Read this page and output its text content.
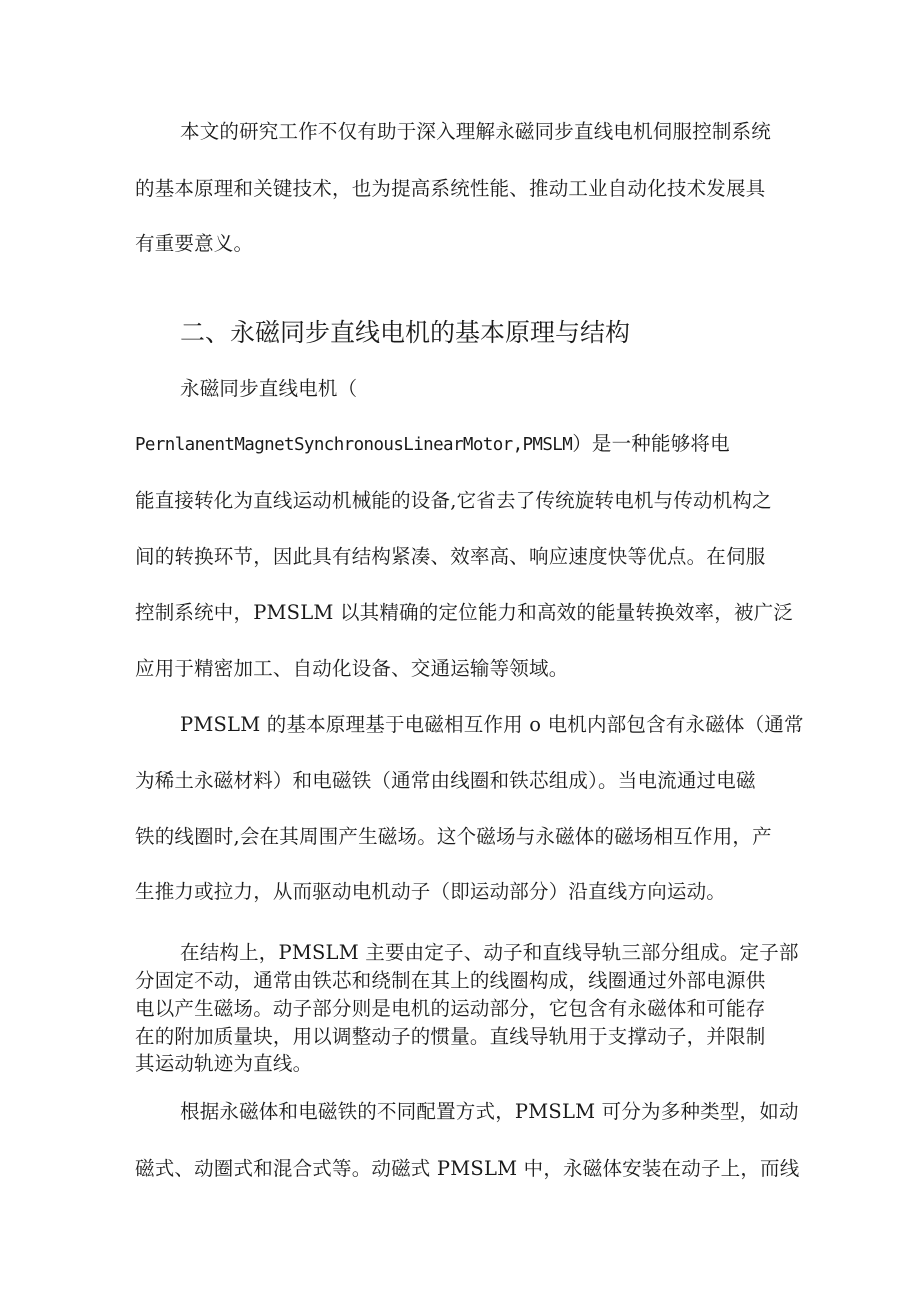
本文的研究工作不仅有助于深入理解永磁同步直线电机伺服控制系统
的基本原理和关键技术，也为提高系统性能、推动工业自动化技术发展具
有重要意义。
二、永磁同步直线电机的基本原理与结构
永磁同步直线电机（
PernlanentMagnetSynchronousLinearMotor,PMSLM）是一种能够将电
能直接转化为直线运动机械能的设备,它省去了传统旋转电机与传动机构之
间的转换环节，因此具有结构紧凑、效率高、响应速度快等优点。在伺服
控制系统中，PMSLM 以其精确的定位能力和高效的能量转换效率，被广泛
应用于精密加工、自动化设备、交通运输等领域。
PMSLM 的基本原理基于电磁相互作用 o 电机内部包含有永磁体（通常
为稀土永磁材料）和电磁铁（通常由线圈和铁芯组成）。当电流通过电磁
铁的线圈时,会在其周围产生磁场。这个磁场与永磁体的磁场相互作用，产
生推力或拉力，从而驱动电机动子（即运动部分）沿直线方向运动。
在结构上，PMSLM 主要由定子、动子和直线导轨三部分组成。定子部
分固定不动，通常由铁芯和绕制在其上的线圈构成，线圈通过外部电源供
电以产生磁场。动子部分则是电机的运动部分，它包含有永磁体和可能存
在的附加质量块，用以调整动子的惯量。直线导轨用于支撑动子，并限制
其运动轨迹为直线。
根据永磁体和电磁铁的不同配置方式，PMSLM 可分为多种类型，如动
磁式、动圈式和混合式等。动磁式 PMSLM 中，永磁体安装在动子上，而线
